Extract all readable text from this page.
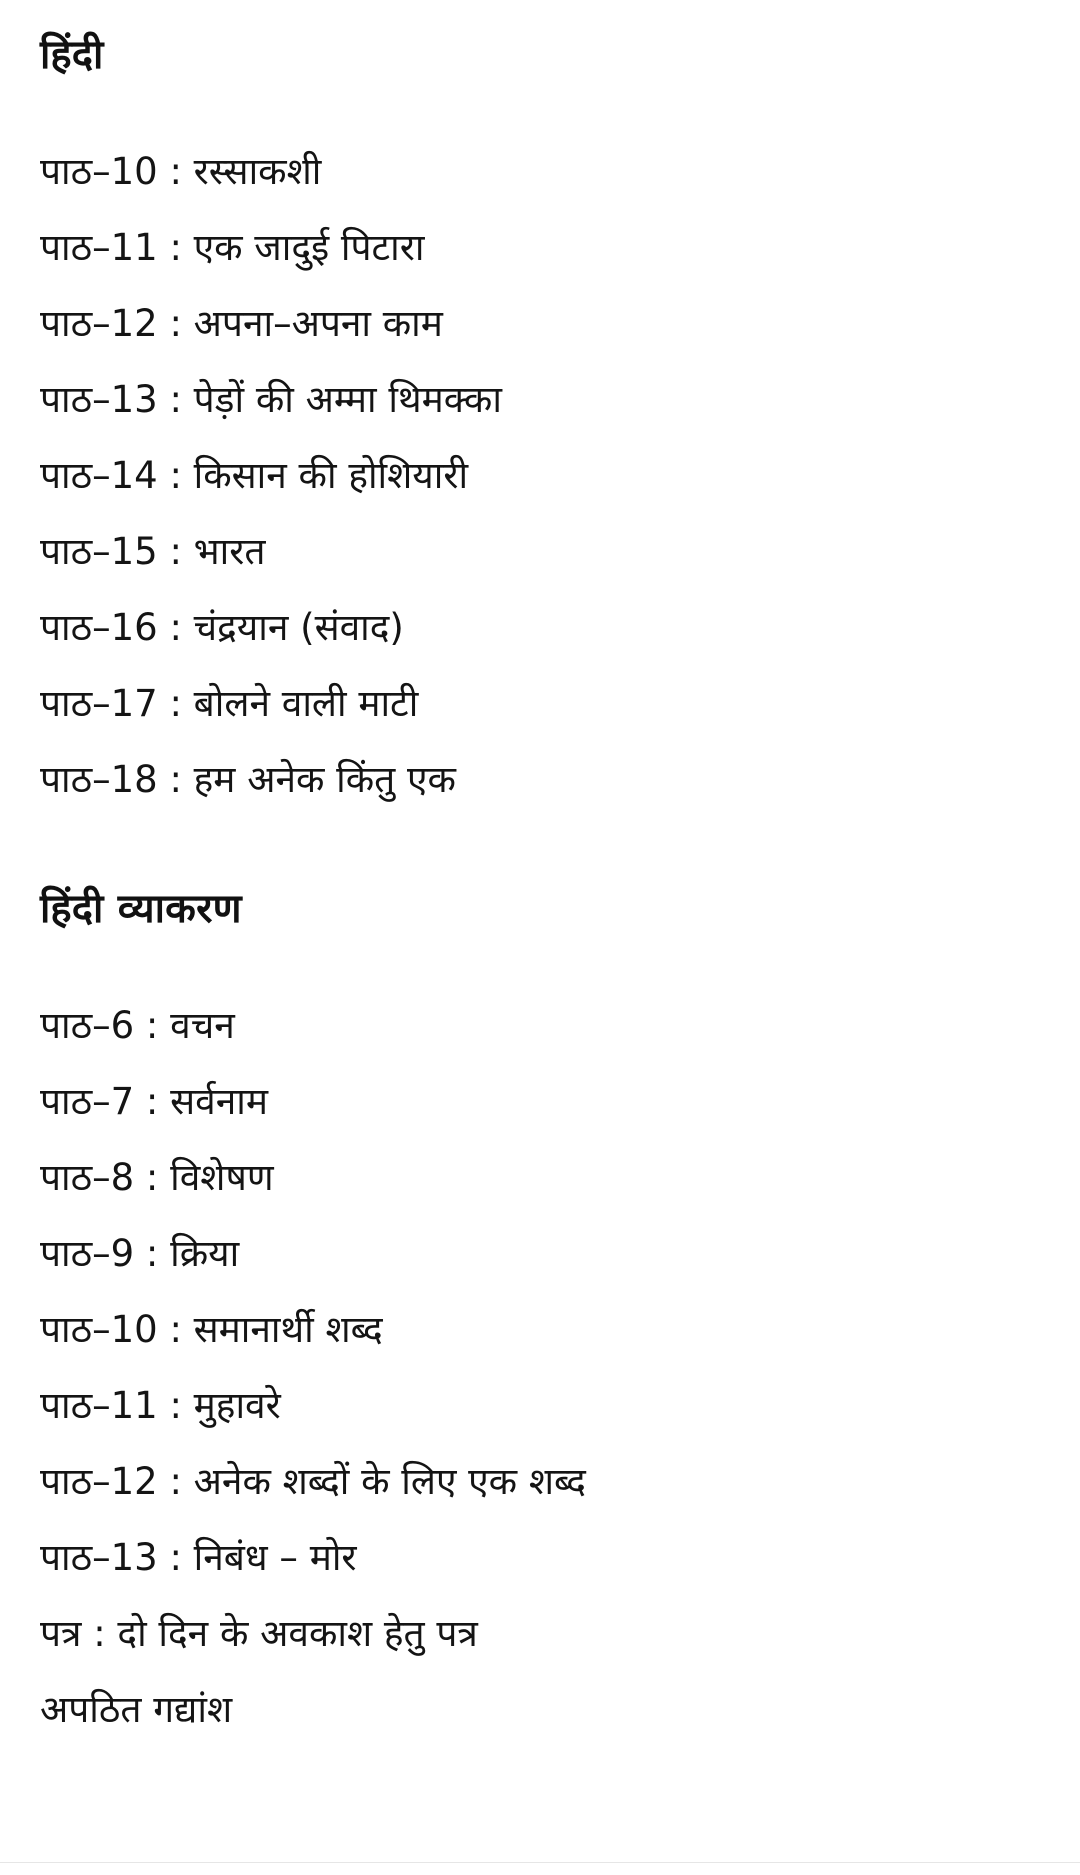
हिंदी
पाठ–10 : रस्साकशी
पाठ–11 : एक जादुई पिटारा
पाठ–12 : अपना–अपना काम
पाठ–13 : पेड़ों की अम्मा थिमक्का
पाठ–14 : किसान की होशियारी
पाठ–15 : भारत
पाठ–16 : चंद्रयान (संवाद)
पाठ–17 : बोलने वाली माटी
पाठ–18 : हम अनेक किंतु एक
हिंदी व्याकरण
पाठ–6 : वचन
पाठ–7 : सर्वनाम
पाठ–8 : विशेषण
पाठ–9 : क्रिया
पाठ–10 : समानार्थी शब्द
पाठ–11 : मुहावरे
पाठ–12 : अनेक शब्दों के लिए एक शब्द
पाठ–13 : निबंध – मोर
पत्र : दो दिन के अवकाश हेतु पत्र
अपठित गद्यांश
